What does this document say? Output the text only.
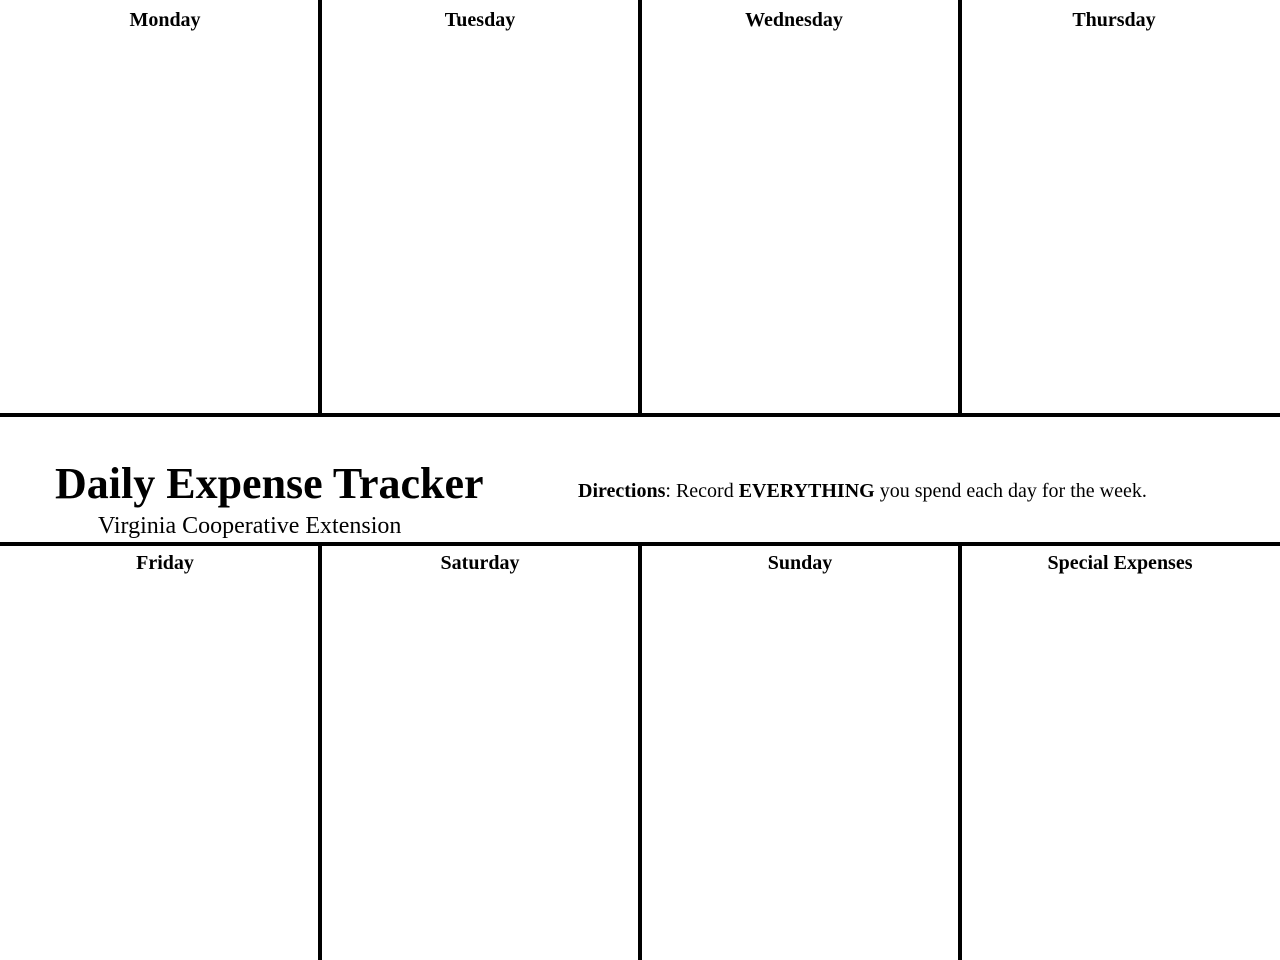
Monday	Tuesday	Wednesday	Thursday
Daily Expense Tracker
Virginia Cooperative Extension
Directions: Record EVERYTHING you spend each day for the week.
Friday	Saturday	Sunday	Special Expenses
